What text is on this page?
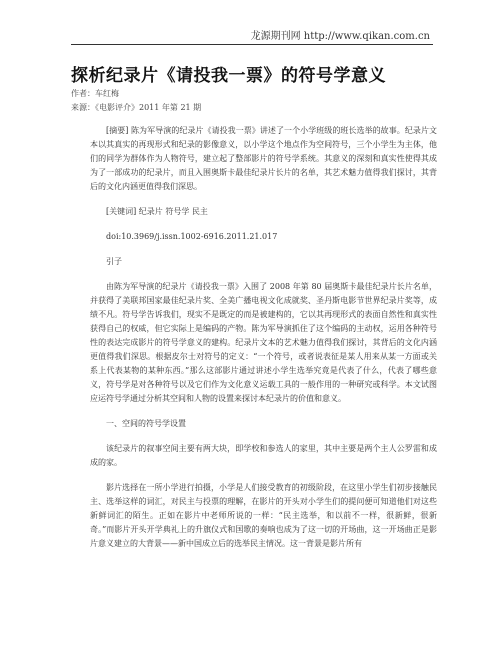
龙源期刊网 http://www.qikan.com.cn
探析纪录片《请投我一票》的符号学意义
作者：车红梅
来源：《电影评介》2011 年第 21 期

[摘要] 陈为军导演的纪录片《请投我一票》讲述了一个小学班级的班长选举的故事。纪录片文本以其真实的再现形式和纪录的影像意义，以小学这个地点作为空间符号，三个小学生为主体，他们的同学为群体作为人物符号，建立起了整部影片的符号学系统。其意义的深刻和真实性使得其成为了一部成功的纪录片，而且入围奥斯卡最佳纪录片长片的名单，其艺术魅力值得我们探讨，其背后的文化内涵更值得我们深思。

[关键词] 纪录片 符号学 民主

doi:10.3969/j.issn.1002-6916.2011.21.017

引子

由陈为军导演的纪录片《请投我一票》入围了 2008 年第 80 届奥斯卡最佳纪录片长片名单，并获得了美联邦国家最佳纪录片奖、全美广播电视文化成就奖、圣丹斯电影节世界纪录片奖等，成绩不凡。符号学告诉我们，现实不是既定的而是被建构的，它以其再现形式的表面自然性和真实性获得自己的权威，但它实际上是编码的产物。陈为军导演抓住了这个编码的主动权，运用各种符号性的表达完成影片的符号学意义的建构。纪录片文本的艺术魅力值得我们探讨，其背后的文化内涵更值得我们深思。根据皮尔士对符号的定义：“一个符号，或者说表征是某人用来从某一方面或关系上代表某物的某种东西。”那么这部影片通过讲述小学生选举究竟是代表了什么，代表了哪些意义，符号学是对各种符号以及它们作为文化意义运载工具的一般作用的一种研究或科学。本文试图应运符号学通过分析其空间和人物的设置来探讨本纪录片的价值和意义。

一、空间的符号学设置

该纪录片的叙事空间主要有两大块，即学校和参选人的家里，其中主要是两个主人公罗雷和成成的家。

影片选择在一所小学进行拍摄，小学是人们接受教育的初级阶段，在这里小学生们初步接触民主、选举这样的词汇，对民主与投票的理解，在影片的开头对小学生们的提问便可知道他们对这些新鲜词汇的陌生。正如在影片中老师所说的一样：“民主选举，和以前不一样，很新鲜，很新奇。”而影片开头开学典礼上的升旗仪式和国歌的奏响也成为了这一切的开场曲，这一开场曲正是影片意义建立的大背景——新中国成立后的选举民主情况。这一背景是影片所有
